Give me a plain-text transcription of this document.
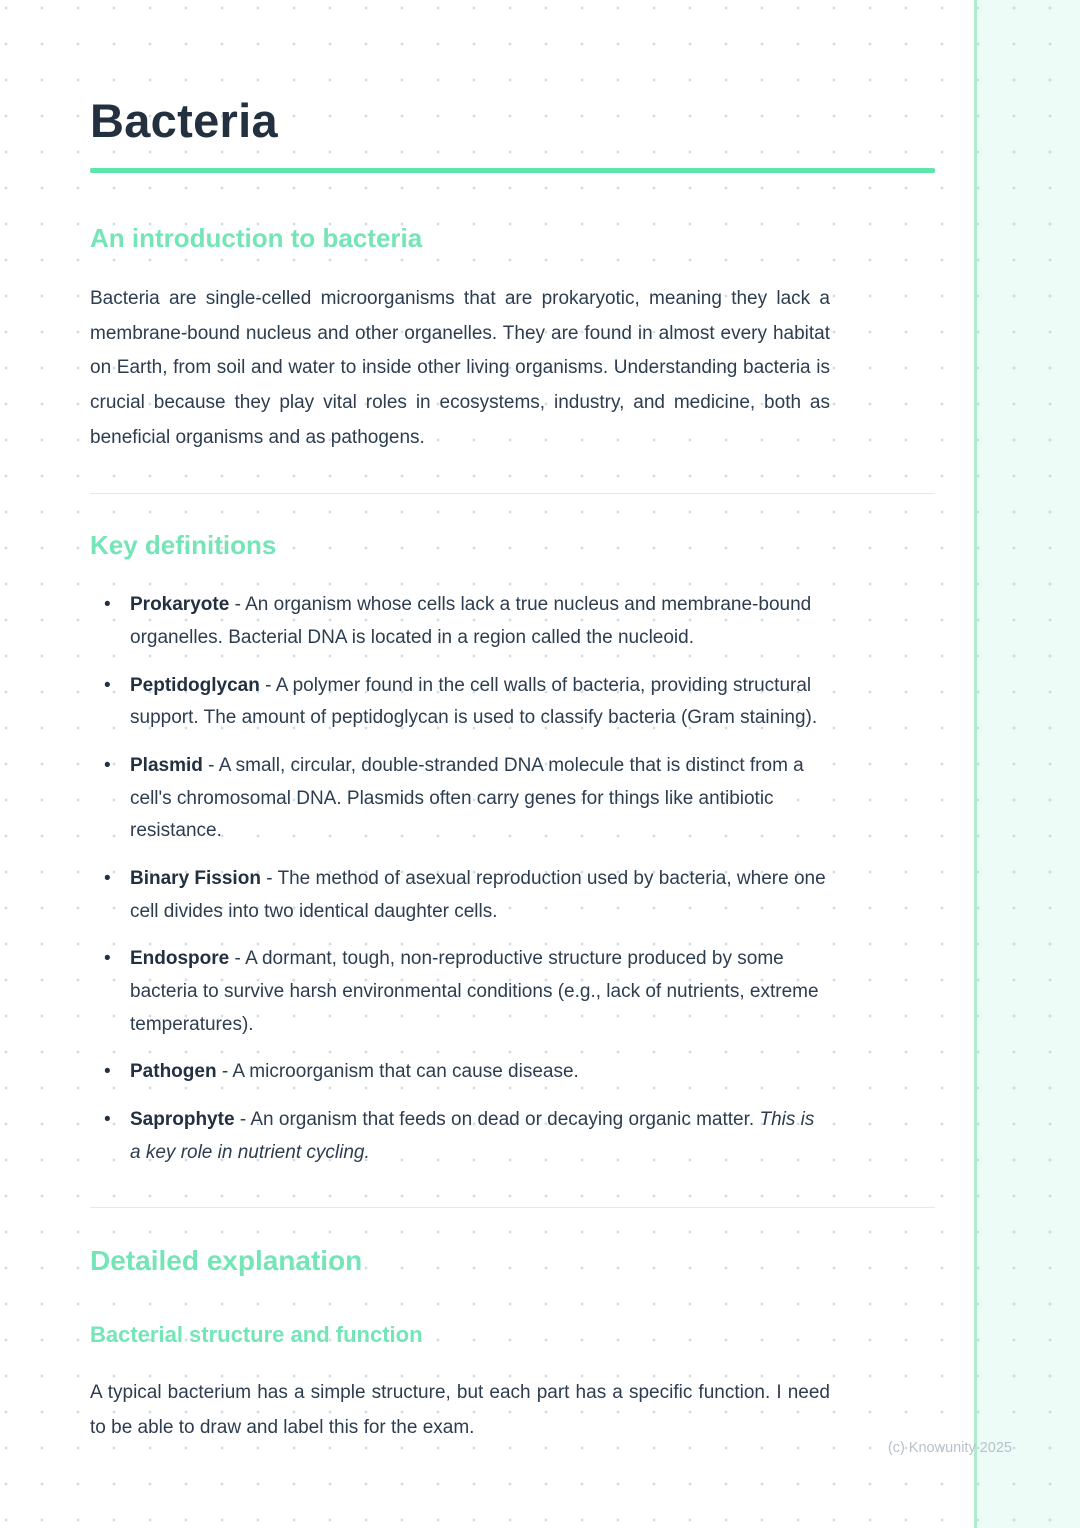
Bacteria
An introduction to bacteria

Bacteria are single-celled microorganisms that are prokaryotic, meaning they lack a membrane-bound nucleus and other organelles. They are found in almost every habitat on Earth, from soil and water to inside other living organisms. Understanding bacteria is crucial because they play vital roles in ecosystems, industry, and medicine, both as beneficial organisms and as pathogens.

Key definitions
• Prokaryote - An organism whose cells lack a true nucleus and membrane-bound organelles. Bacterial DNA is located in a region called the nucleoid.
• Peptidoglycan - A polymer found in the cell walls of bacteria, providing structural support. The amount of peptidoglycan is used to classify bacteria (Gram staining).
• Plasmid - A small, circular, double-stranded DNA molecule that is distinct from a cell's chromosomal DNA. Plasmids often carry genes for things like antibiotic resistance.
• Binary Fission - The method of asexual reproduction used by bacteria, where one cell divides into two identical daughter cells.
• Endospore - A dormant, tough, non-reproductive structure produced by some bacteria to survive harsh environmental conditions (e.g., lack of nutrients, extreme temperatures).
• Pathogen - A microorganism that can cause disease.
• Saprophyte - An organism that feeds on dead or decaying organic matter. This is a key role in nutrient cycling.
Detailed explanation
Bacterial structure and function

A typical bacterium has a simple structure, but each part has a specific function. I need to be able to draw and label this for the exam.

(c) Knowunity 2025
